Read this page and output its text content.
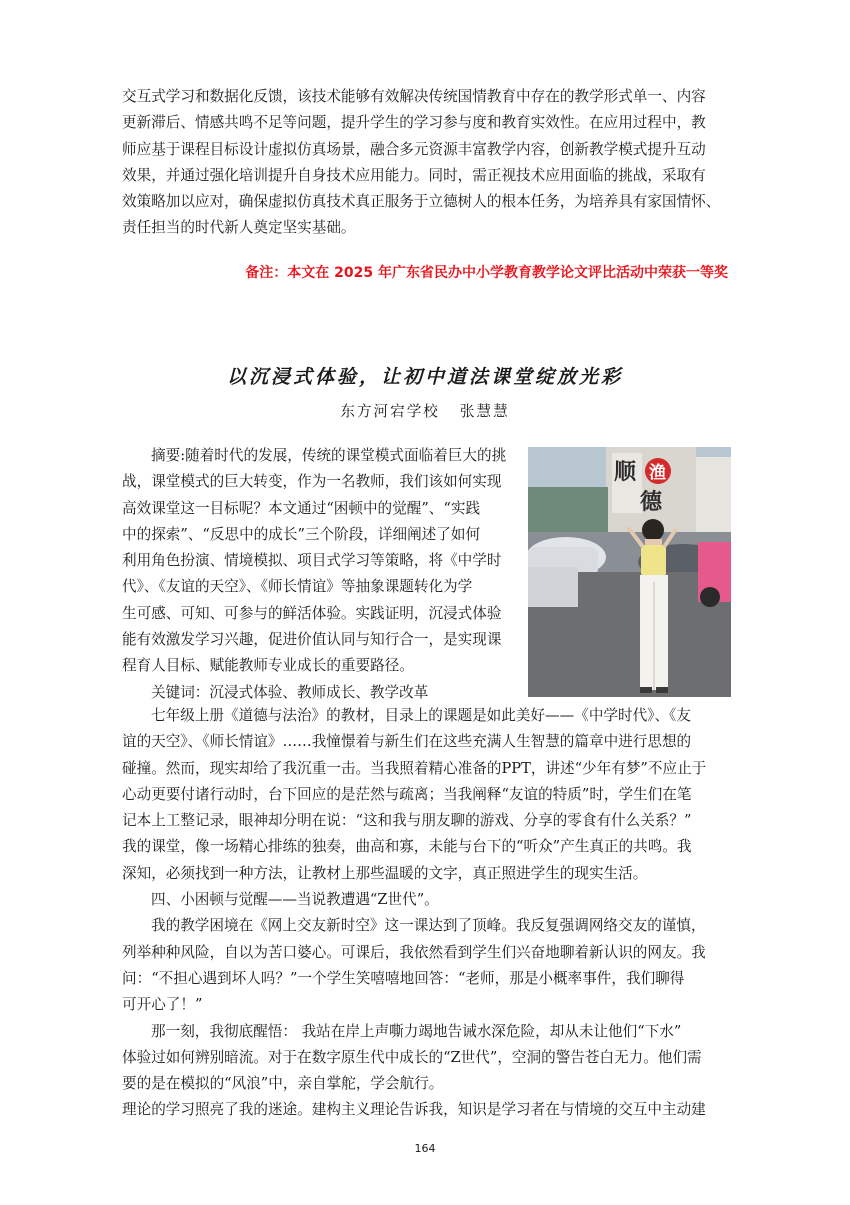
交互式学习和数据化反馈，该技术能够有效解决传统国情教育中存在的教学形式单一、内容
更新滞后、情感共鸣不足等问题，提升学生的学习参与度和教育实效性。在应用过程中，教
师应基于课程目标设计虚拟仿真场景，融合多元资源丰富教学内容，创新教学模式提升互动
效果，并通过强化培训提升自身技术应用能力。同时，需正视技术应用面临的挑战，采取有
效策略加以应对，确保虚拟仿真技术真正服务于立德树人的根本任务，为培养具有家国情怀、
责任担当的时代新人奠定坚实基础。
备注：本文在 2025 年广东省民办中小学教育教学论文评比活动中荣获一等奖
以沉浸式体验，让初中道法课堂绽放光彩
东方河宕学校 张慧慧
摘要:随着时代的发展，传统的课堂模式面临着巨大的挑
战，课堂模式的巨大转变，作为一名教师，我们该如何实现
高效课堂这一目标呢？本文通过“困顿中的觉醒”、“实践
中的探索”、“反思中的成长”三个阶段，详细阐述了如何
利用角色扮演、情境模拟、项目式学习等策略，将《中学时
代》、《友谊的天空》、《师长情谊》等抽象课题转化为学
生可感、可知、可参与的鲜活体验。实践证明，沉浸式体验
能有效激发学习兴趣，促进价值认同与知行合一，是实现课
程育人目标、赋能教师专业成长的重要路径。
关键词：沉浸式体验、教师成长、教学改革
顺 渔
德
七年级上册《道德与法治》的教材，目录上的课题是如此美好——《中学时代》、《友
谊的天空》、《师长情谊》……我憧憬着与新生们在这些充满人生智慧的篇章中进行思想的
碰撞。然而，现实却给了我沉重一击。当我照着精心准备的PPT，讲述“少年有梦”不应止于
心动更要付诸行动时，台下回应的是茫然与疏离；当我阐释“友谊的特质”时，学生们在笔
记本上工整记录，眼神却分明在说：“这和我与朋友聊的游戏、分享的零食有什么关系？”
我的课堂，像一场精心排练的独奏，曲高和寡，未能与台下的“听众”产生真正的共鸣。我
深知，必须找到一种方法，让教材上那些温暖的文字，真正照进学生的现实生活。
四、小困顿与觉醒——当说教遭遇“Z世代”。
我的教学困境在《网上交友新时空》这一课达到了顶峰。我反复强调网络交友的谨慎，
列举种种风险，自以为苦口婆心。可课后，我依然看到学生们兴奋地聊着新认识的网友。我
问：“不担心遇到坏人吗？”一个学生笑嘻嘻地回答：“老师，那是小概率事件，我们聊得
可开心了！”
那一刻，我彻底醒悟： 我站在岸上声嘶力竭地告诫水深危险，却从未让他们“下水”
体验过如何辨别暗流。对于在数字原生代中成长的“Z世代”，空洞的警告苍白无力。他们需
要的是在模拟的“风浪”中，亲自掌舵，学会航行。
理论的学习照亮了我的迷途。建构主义理论告诉我，知识是学习者在与情境的交互中主动建
164
